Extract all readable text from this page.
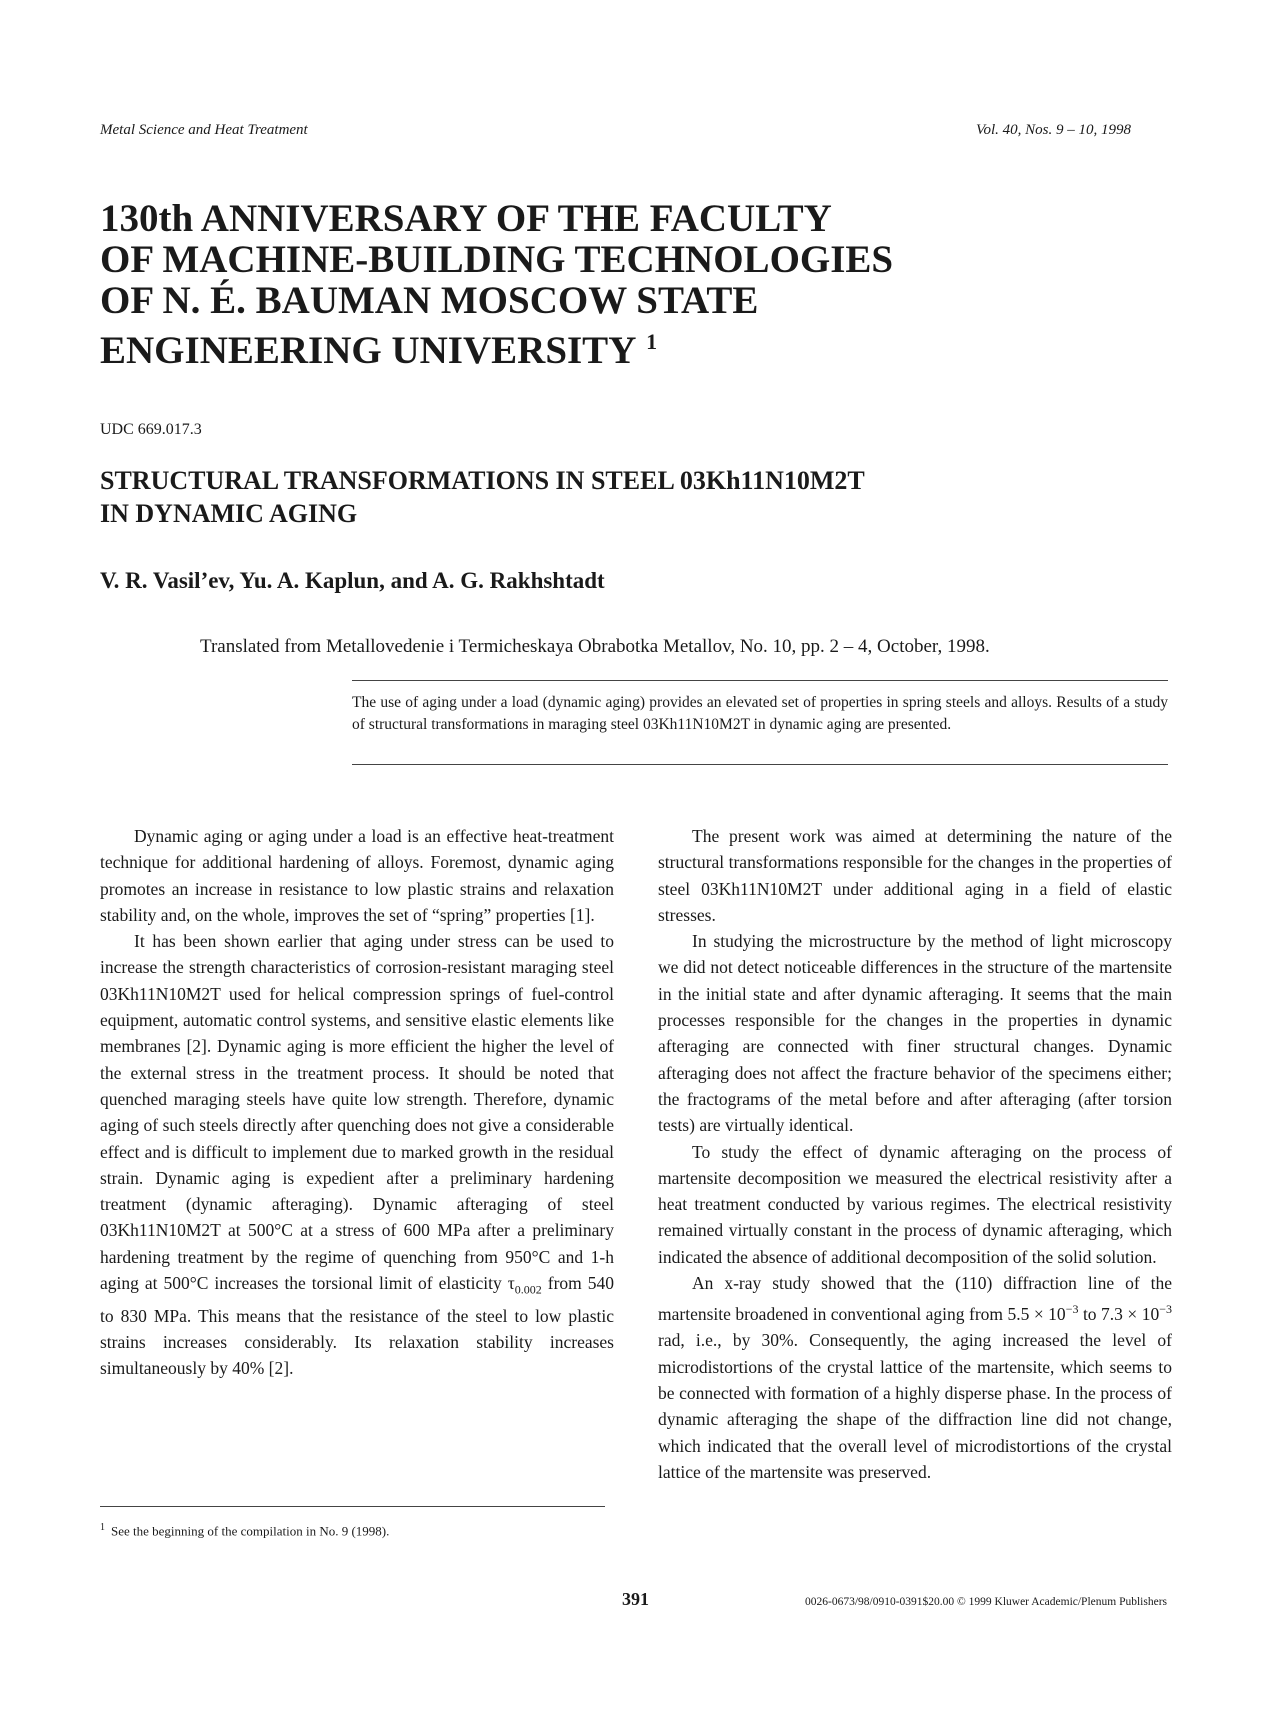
Metal Science and Heat Treatment	Vol. 40, Nos. 9 – 10, 1998

130th ANNIVERSARY OF THE FACULTY

OF MACHINE-BUILDING TECHNOLOGIES

OF N. É. BAUMAN MOSCOW STATE

ENGINEERING UNIVERSITY $^1$

UDC 669.017.3

STRUCTURAL TRANSFORMATIONS IN STEEL 03Kh11N10M2T

IN DYNAMIC AGING

V. R. Vasil’ev, Yu. A. Kaplun, and A. G. Rakhshtadt
Translated from Metallovedenie i Termicheskaya Obrabotka Metallov, No. 10, pp. 2 – 4, October, 1998.
The use of aging under a load (dynamic aging) provides an elevated set of properties in spring steels and alloys. Results of a study of structural transformations in maraging steel 03Kh11N10M2T in dynamic aging are presented.

Dynamic aging or aging under a load is an effective heat-treatment technique for additional hardening of alloys. Foremost, dynamic aging promotes an increase in resistance to low plastic strains and relaxation stability and, on the whole, improves the set of “spring” properties [1].

It has been shown earlier that aging under stress can be used to increase the strength characteristics of corrosion-resistant maraging steel 03Kh11N10M2T used for helical compression springs of fuel-control equipment, automatic control systems, and sensitive elastic elements like membranes [2]. Dynamic aging is more efficient the higher the level of the external stress in the treatment process. It should be noted that quenched maraging steels have quite low strength. Therefore, dynamic aging of such steels directly after quenching does not give a considerable effect and is difficult to implement due to marked growth in the residual strain. Dynamic aging is expedient after a preliminary hardening treatment (dynamic afteraging). Dynamic afteraging of steel 03Kh11N10M2T at 500°C at a stress of 600 MPa after a preliminary hardening treatment by the regime of quenching from 950°C and 1-h aging at 500°C increases the torsional limit of elasticity $\tau_{0.002}$ from 540 to 830 MPa. This means that the resistance of the steel to low plastic strains increases considerably. Its relaxation stability increases simultaneously by 40% [2].

The present work was aimed at determining the nature of the structural transformations responsible for the changes in the properties of steel 03Kh11N10M2T under additional aging in a field of elastic stresses.

In studying the microstructure by the method of light microscopy we did not detect noticeable differences in the structure of the martensite in the initial state and after dynamic afteraging. It seems that the main processes responsible for the changes in the properties in dynamic afteraging are connected with finer structural changes. Dynamic afteraging does not affect the fracture behavior of the specimens either; the fractograms of the metal before and after afteraging (after torsion tests) are virtually identical.

To study the effect of dynamic afteraging on the process of martensite decomposition we measured the electrical resistivity after a heat treatment conducted by various regimes. The electrical resistivity remained virtually constant in the process of dynamic afteraging, which indicated the absence of additional decomposition of the solid solution.

An x-ray study showed that the (110) diffraction line of the martensite broadened in conventional aging from $5.5 \times 10^{-3}$ to $7.3 \times 10^{-3}$ rad, i.e., by 30%. Consequently, the aging increased the level of microdistortions of the crystal lattice of the martensite, which seems to be connected with formation of a highly disperse phase. In the process of dynamic afteraging the shape of the diffraction line did not change, which indicated that the overall level of microdistortions of the crystal lattice of the martensite was preserved.

$^1$ See the beginning of the compilation in No. 9 (1998).
391	0026-0673/98/0910-0391$20.00 © 1999 Kluwer Academic/Plenum Publishers
